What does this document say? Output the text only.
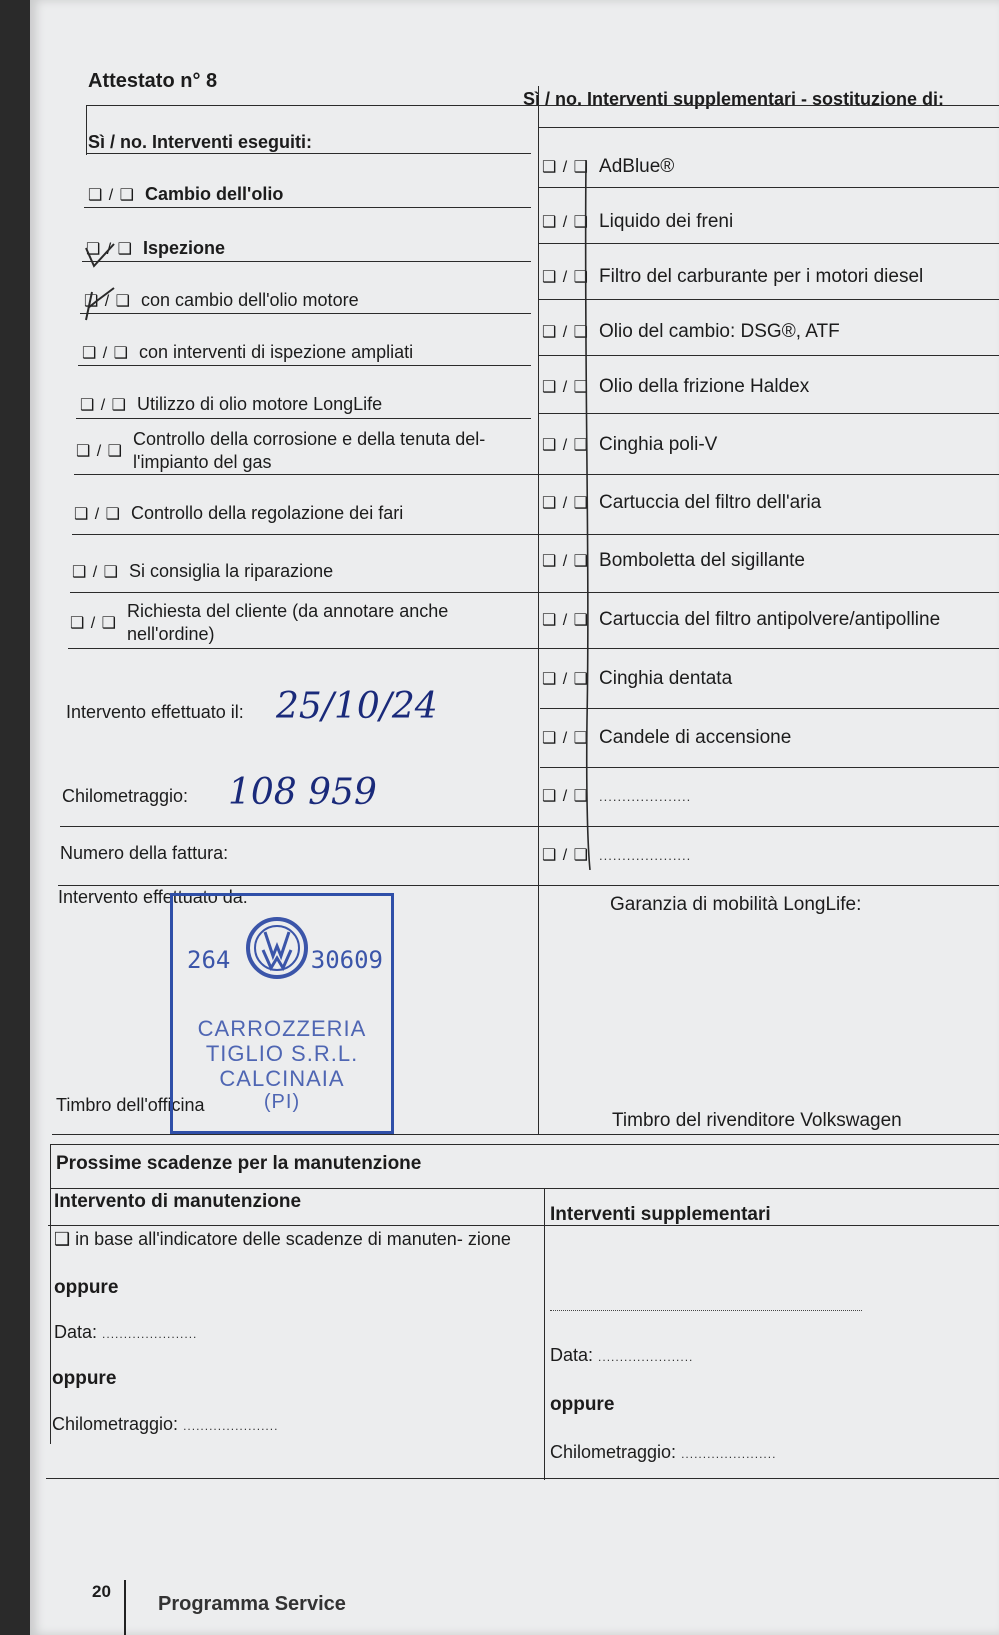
Attestato n° 8
Sì / no. Interventi eseguiti:
Sì / no. Interventi supplementari - sostituzione di:
❑ / ❑ Cambio dell'olio
❑ / ❑ Ispezione
❑ / ❑ con cambio dell'olio motore
❑ / ❑ con interventi di ispezione ampliati
❑ / ❑ Utilizzo di olio motore LongLife
❑ / ❑
Controllo della corrosione e della tenuta del- l'impianto del gas
❑ / ❑ Controllo della regolazione dei fari
❑ / ❑ Si consiglia la riparazione
❑ / ❑
Richiesta del cliente (da annotare anche nell'ordine)
❑ / ❑ AdBlue®
❑ / ❑ Liquido dei freni
❑ / ❑ Filtro del carburante per i motori diesel
❑ / ❑ Olio del cambio: DSG®, ATF
❑ / ❑ Olio della frizione Haldex
❑ / ❑ Cinghia poli-V
❑ / ❑ Cartuccia del filtro dell'aria
❑ / ❑ Bomboletta del sigillante
❑ / ❑ Cartuccia del filtro antipolvere/antipolline
❑ / ❑ Cinghia dentata
❑ / ❑ Candele di accensione
❑ / ❑ ....................
❑ / ❑ ....................
Intervento effettuato il: 25/10/24
Chilometraggio: 108 959
Numero della fattura:
Intervento effettuato da:
Timbro dell'officina
Garanzia di mobilità LongLife:
Timbro del rivenditore Volkswagen
264	30609
CARROZZERIA
TIGLIO S.R.L.
CALCINAIA
(PI)
Prossime scadenze per la manutenzione
Intervento di manutenzione
Interventi supplementari
❑ in base all'indicatore delle scadenze di manuten- zione
oppure
Data: ......................
oppure
Chilometraggio: ......................
Data: ......................
oppure
Chilometraggio: ......................
20
Programma Service
